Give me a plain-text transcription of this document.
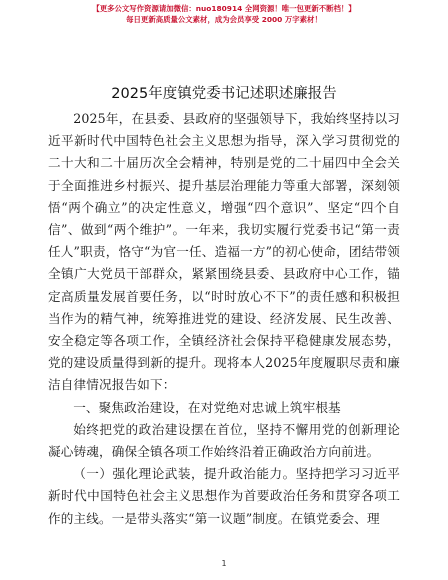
【更多公文写作资源请加微信：nuo180914 全网资源！唯一包更新不断档！】
每日更新高质量公文素材，成为会员享受 2000 万字素材！
2025年度镇党委书记述职述廉报告

2025年，在县委、县政府的坚强领导下，我始终坚持以习近平新时代中国特色社会主义思想为指导，深入学习贯彻党的二十大和二十届历次全会精神，特别是党的二十届四中全会关于全面推进乡村振兴、提升基层治理能力等重大部署，深刻领悟“两个确立”的决定性意义，增强“四个意识”、坚定“四个自信”、做到“两个维护”。一年来，我切实履行党委书记“第一责任人”职责，恪守“为官一任、造福一方”的初心使命，团结带领全镇广大党员干部群众，紧紧围绕县委、县政府中心工作，锚定高质量发展首要任务，以“时时放心不下”的责任感和积极担当作为的精气神，统筹推进党的建设、经济发展、民生改善、安全稳定等各项工作，全镇经济社会保持平稳健康发展态势，党的建设质量得到新的提升。现将本人2025年度履职尽责和廉洁自律情况报告如下：

一、聚焦政治建设，在对党绝对忠诚上筑牢根基

始终把党的政治建设摆在首位，坚持不懈用党的创新理论凝心铸魂，确保全镇各项工作始终沿着正确政治方向前进。

（一）强化理论武装，提升政治能力。坚持把学习习近平新时代中国特色社会主义思想作为首要政治任务和贯穿各项工作的主线。一是带头落实“第一议题”制度。在镇党委会、理

1
